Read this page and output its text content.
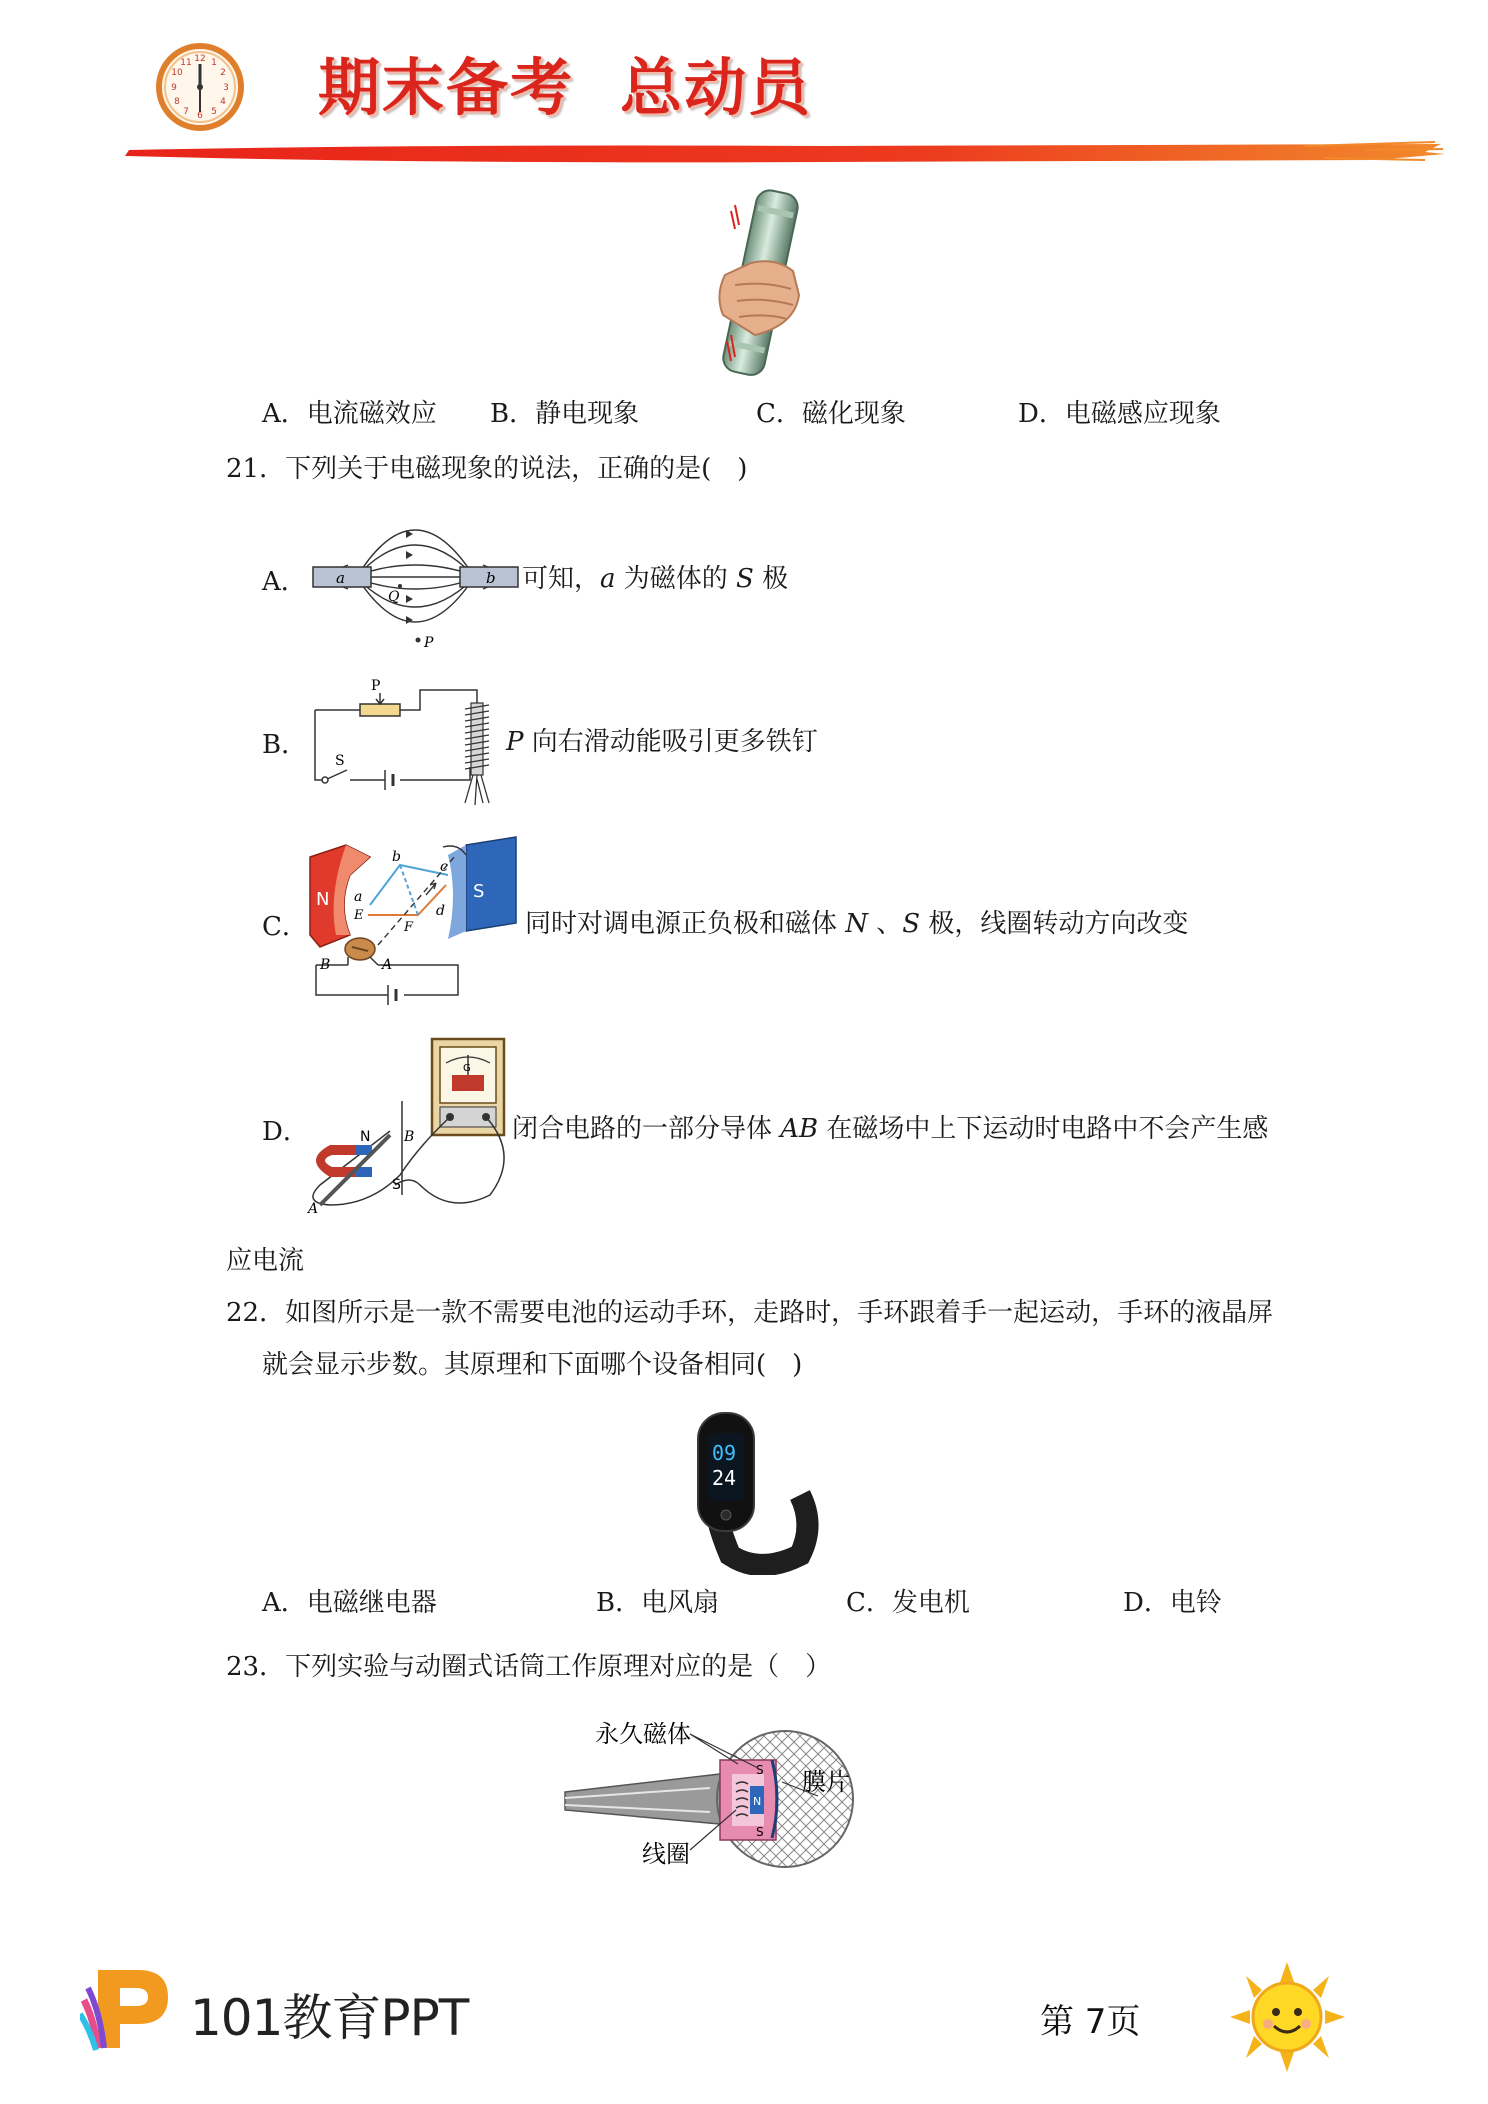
12 1
2
3
4
5
6
7
8
9
10
11 期末备考 总动员
A．电流磁效应 B．静电现象	C．磁化现象	D．电磁感应现象
21．下列关于电磁现象的说法，正确的是(　)
A． a	b
Q
P
可知，𝑎 为磁体的 𝑆 极
B．
P
S
𝑃 向右滑动能吸引更多铁钉
C．
N	S
b
a
c
d
E
F
B	A
同时对调电源正负极和磁体 𝑁 、𝑆 极，线圈转动方向改变
D．
G
N
S
B
A
闭合电路的一部分导体 𝐴𝐵 在磁场中上下运动时电路中不会产生感
应电流
22．如图所示是一款不需要电池的运动手环，走路时，手环跟着手一起运动，手环的液晶屏
就会显示步数。其原理和下面哪个设备相同(　)
09
24
A．电磁继电器	B．电风扇	C．发电机	D．电铃
23．下列实验与动圈式话筒工作原理对应的是（　）
S
S
N
永久磁体
膜片
线圈
101教育PPT	第 7页
